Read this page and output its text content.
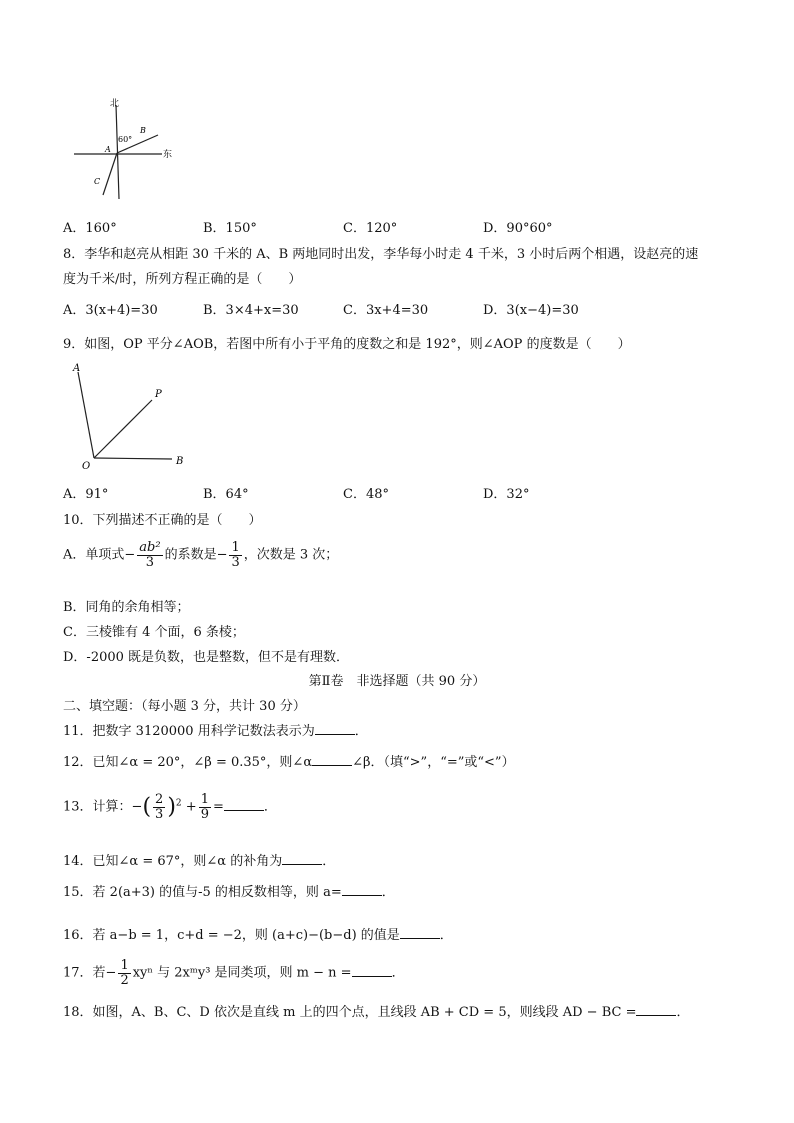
北
东
60°
B
A
C
A．160°	B．150°	C．120°	D．90°60°
8．李华和赵亮从相距 30 千米的 A、B 两地同时出发，李华每小时走 4 千米，3 小时后两个相遇，设赵亮的速
度为千米/时，所列方程正确的是（　　）
A．3(x+4)=30	B．3×4+x=30	C．3x+4=30	D．3(x−4)=30
9．如图，OP 平分∠AOB，若图中所有小于平角的度数之和是 192°，则∠AOP 的度数是（　　）
A
P
O	B
A．91°	B．64°	C．48°	D．32°
10．下列描述不正确的是（　　）
A．单项式− $\frac{\text{ab²}}{3}$ 的系数是− $\frac{1}{3}$ ，次数是 3 次；
B．同角的余角相等；
C．三棱锥有 4 个面，6 条棱；
D．-2000 既是负数，也是整数，但不是有理数．
第Ⅱ卷　非选择题（共 90 分）
二、填空题：（每小题 3 分，共计 30 分）
11．把数字 3120000 用科学记数法表示为	．
12．已知∠α = 20°，∠β = 0.35°，则∠α	∠β．（填“>”，“=”或“<”）
13．计算：−( $\frac{2}{3} )^2 + \frac{1}{9}$ =	．
14．已知∠α = 67°，则∠α 的补角为	．
15．若 2(a+3) 的值与-5 的相反数相等，则 a=	．
16．若 a−b = 1，c+d = −2，则 (a+c)−(b−d) 的值是	．
17．若− $\frac{1}{2}$ xyⁿ 与 2xᵐy³ 是同类项，则 m − n =	．
18．如图，A、B、C、D 依次是直线 m 上的四个点，且线段 AB + CD = 5，则线段 AD − BC =	．
